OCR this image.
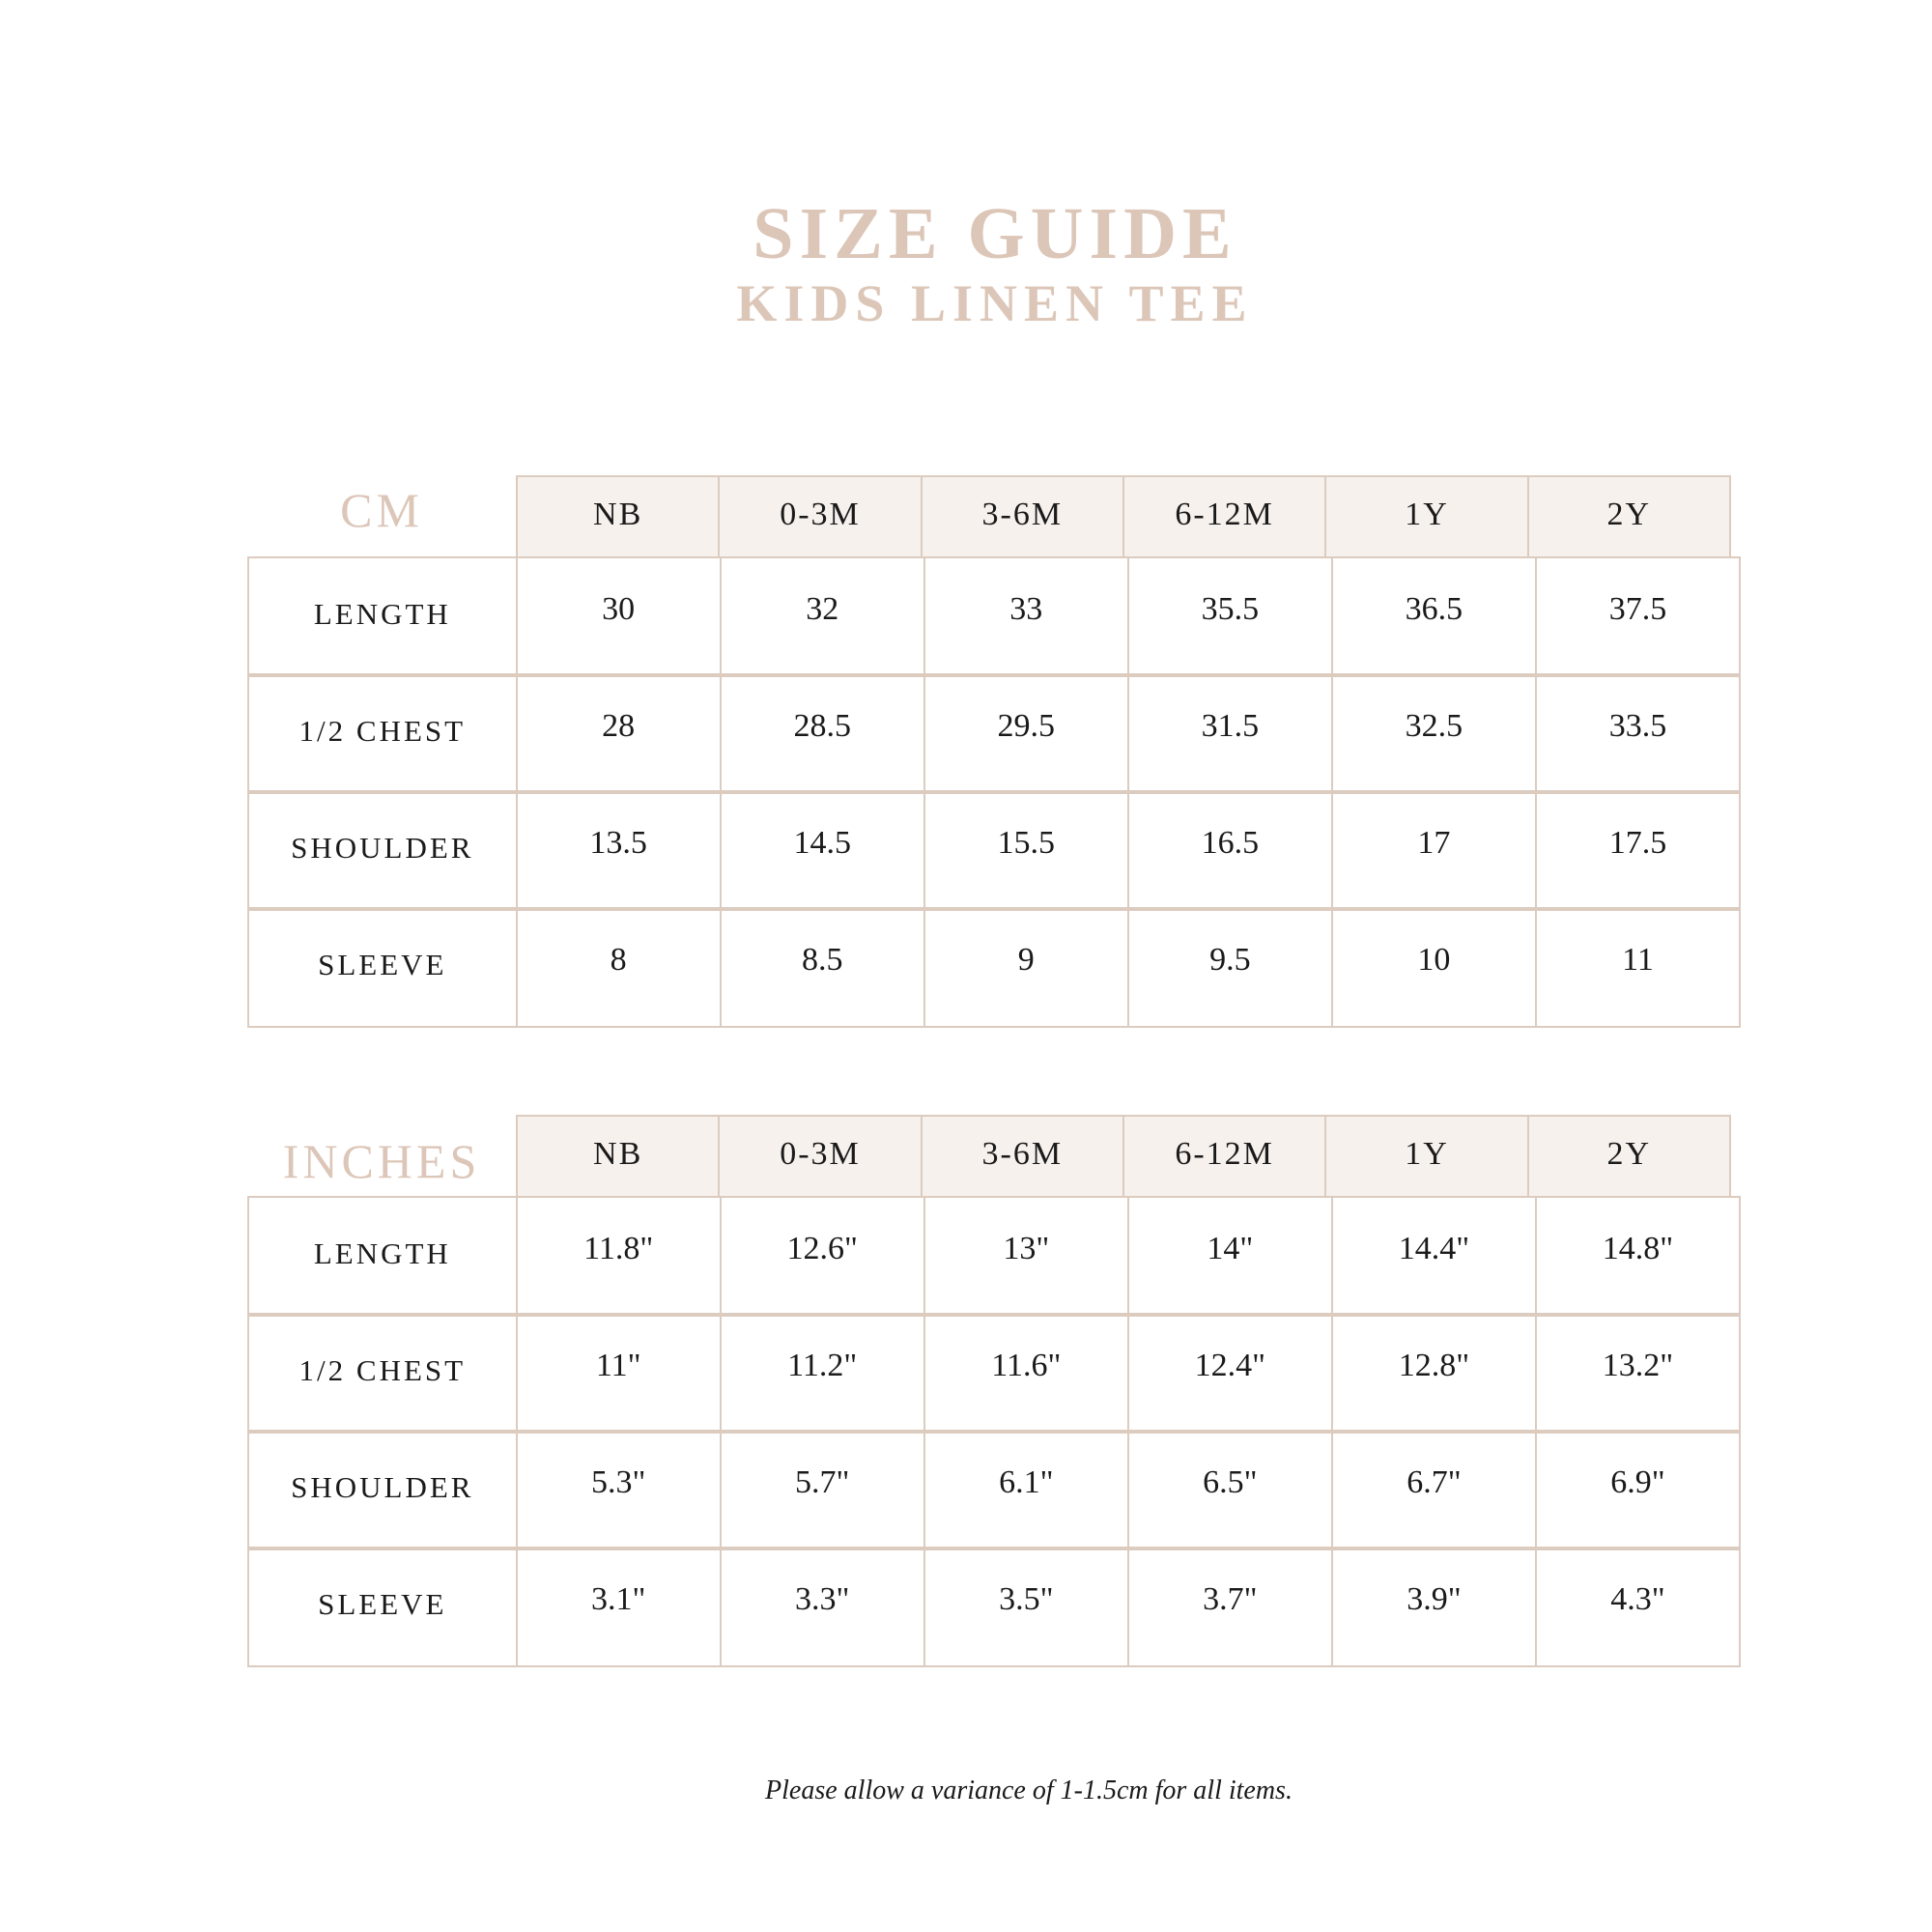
SIZE GUIDE
KIDS LINEN TEE
CM	NB	0-3M	3-6M	6-12M	1Y	2Y
LENGTH	30	32	33	35.5	36.5	37.5
1/2 CHEST	28	28.5	29.5	31.5	32.5	33.5
SHOULDER	13.5	14.5	15.5	16.5	17	17.5
SLEEVE	8	8.5	9	9.5	10	11
INCHES	NB	0-3M	3-6M	6-12M	1Y	2Y
LENGTH	11.8"	12.6"	13"	14"	14.4"	14.8"
1/2 CHEST	11"	11.2"	11.6"	12.4"	12.8"	13.2"
SHOULDER	5.3"	5.7"	6.1"	6.5"	6.7"	6.9"
SLEEVE	3.1"	3.3"	3.5"	3.7"	3.9"	4.3"
Please allow a variance of 1-1.5cm for all items.
